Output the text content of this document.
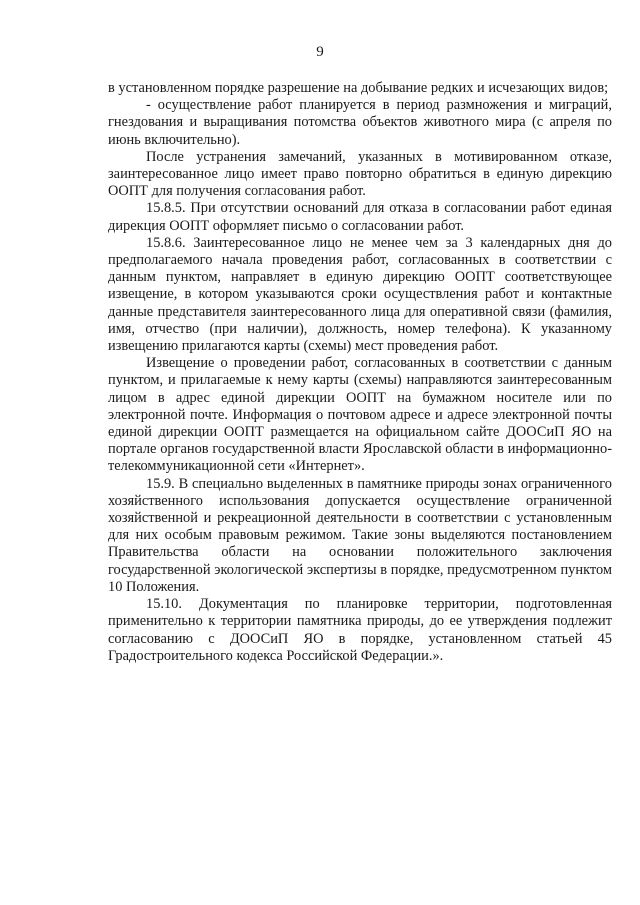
9

в установленном порядке разрешение на добывание редких и исчезающих видов;

- осуществление работ планируется в период размножения и миграций, гнездования и выращивания потомства объектов животного мира (с апреля по июнь включительно).

После устранения замечаний, указанных в мотивированном отказе, заинтересованное лицо имеет право повторно обратиться в единую дирекцию ООПТ для получения согласования работ.

15.8.5. При отсутствии оснований для отказа в согласовании работ единая дирекция ООПТ оформляет письмо о согласовании работ.

15.8.6. Заинтересованное лицо не менее чем за 3 календарных дня до предполагаемого начала проведения работ, согласованных в соответствии с данным пунктом, направляет в единую дирекцию ООПТ соответствующее извещение, в котором указываются сроки осуществления работ и контактные данные представителя заинтересованного лица для оперативной связи (фамилия, имя, отчество (при наличии), должность, номер телефона). К указанному извещению прилагаются карты (схемы) мест проведения работ.

Извещение о проведении работ, согласованных в соответствии с данным пунктом, и прилагаемые к нему карты (схемы) направляются заинтересованным лицом в адрес единой дирекции ООПТ на бумажном носителе или по электронной почте. Информация о почтовом адресе и адресе электронной почты единой дирекции ООПТ размещается на официальном сайте ДООСиП ЯО на портале органов государственной власти Ярославской области в информационно-телекоммуникационной сети «Интернет».

15.9. В специально выделенных в памятнике природы зонах ограниченного хозяйственного использования допускается осуществление ограниченной хозяйственной и рекреационной деятельности в соответствии с установленным для них особым правовым режимом. Такие зоны выделяются постановлением Правительства области на основании положительного заключения государственной экологической экспертизы в порядке, предусмотренном пунктом 10 Положения.

15.10. Документация по планировке территории, подготовленная применительно к территории памятника природы, до ее утверждения подлежит согласованию с ДООСиП ЯО в порядке, установленном статьей 45 Градостроительного кодекса Российской Федерации.».
